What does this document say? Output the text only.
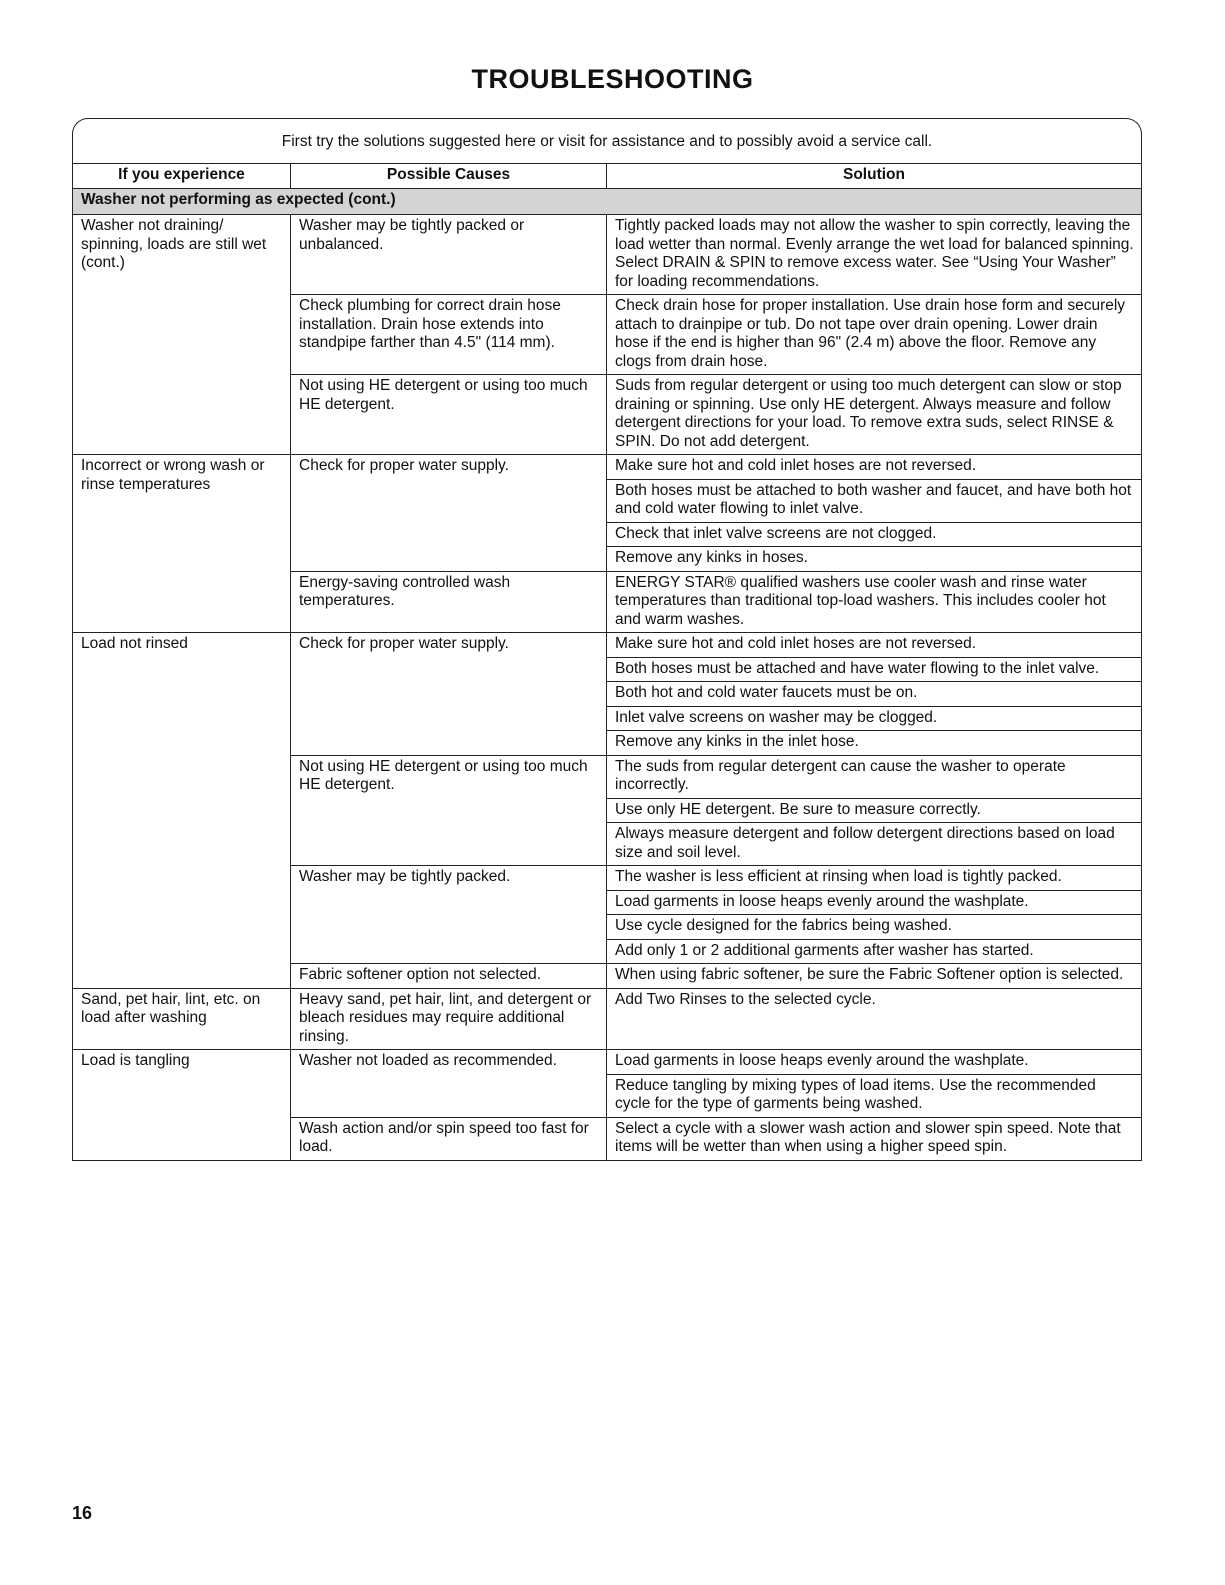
TROUBLESHOOTING
First try the solutions suggested here or visit for assistance and to possibly avoid a service call.
If you experience	Possible Causes	Solution
Washer not performing as expected (cont.)		
Washer not draining/ spinning, loads are still wet (cont.)	Washer may be tightly packed or unbalanced.	Tightly packed loads may not allow the washer to spin correctly, leaving the load wetter than normal. Evenly arrange the wet load for balanced spinning. Select DRAIN & SPIN to remove excess water. See “Using Your Washer” for loading recommendations.
	Check plumbing for correct drain hose installation. Drain hose extends into standpipe farther than 4.5" (114 mm).	Check drain hose for proper installation. Use drain hose form and securely attach to drainpipe or tub. Do not tape over drain opening. Lower drain hose if the end is higher than 96" (2.4 m) above the floor. Remove any clogs from drain hose.
	Not using HE detergent or using too much HE detergent.	Suds from regular detergent or using too much detergent can slow or stop draining or spinning. Use only HE detergent. Always measure and follow detergent directions for your load. To remove extra suds, select RINSE & SPIN. Do not add detergent.
Incorrect or wrong wash or rinse temperatures	Check for proper water supply.	Make sure hot and cold inlet hoses are not reversed.
		Both hoses must be attached to both washer and faucet, and have both hot and cold water flowing to inlet valve.
		Check that inlet valve screens are not clogged.
		Remove any kinks in hoses.
	Energy-saving controlled wash temperatures.	ENERGY STAR® qualified washers use cooler wash and rinse water temperatures than traditional top-load washers. This includes cooler hot and warm washes.
Load not rinsed	Check for proper water supply.	Make sure hot and cold inlet hoses are not reversed.
		Both hoses must be attached and have water flowing to the inlet valve.
		Both hot and cold water faucets must be on.
		Inlet valve screens on washer may be clogged.
		Remove any kinks in the inlet hose.
	Not using HE detergent or using too much HE detergent.	The suds from regular detergent can cause the washer to operate incorrectly.
		Use only HE detergent. Be sure to measure correctly.
		Always measure detergent and follow detergent directions based on load size and soil level.
	Washer may be tightly packed.	The washer is less efficient at rinsing when load is tightly packed.
		Load garments in loose heaps evenly around the washplate.
		Use cycle designed for the fabrics being washed.
		Add only 1 or 2 additional garments after washer has started.
	Fabric softener option not selected.	When using fabric softener, be sure the Fabric Softener option is selected.
Sand, pet hair, lint, etc. on load after washing	Heavy sand, pet hair, lint, and detergent or bleach residues may require additional rinsing.	Add Two Rinses to the selected cycle.
Load is tangling	Washer not loaded as recommended.	Load garments in loose heaps evenly around the washplate.
		Reduce tangling by mixing types of load items. Use the recommended cycle for the type of garments being washed.
	Wash action and/or spin speed too fast for load.	Select a cycle with a slower wash action and slower spin speed. Note that items will be wetter than when using a higher speed spin.
16
